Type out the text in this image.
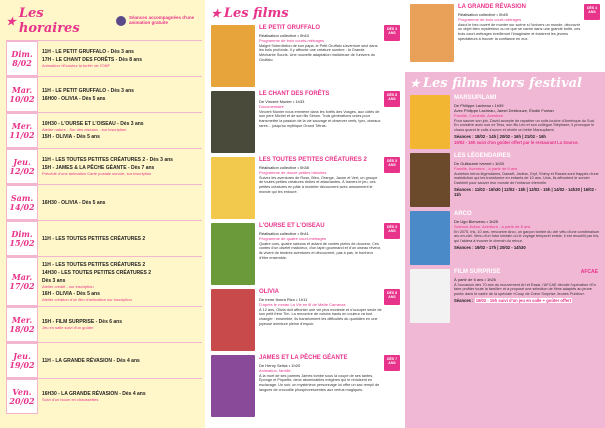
★ Les horaires
Séances accompagnées d'une animation gratuite
Dim.
8/02
11H - LE PETIT GRUFFALO - Dès 3 ans
17H - LE CHANT DES FORÊTS - Dès 8 ans
Animation «Ecoutez la forêt» de l'ONF
Mar.
10/02
11H - LE PETIT GRUFFALO - Dès 3 ans
16H00 - OLIVIA - Dès 5 ans
Mer.
11/02
10H30 - L'OURSE ET L'OISEAU - Dès 3 ans
Atelier nature - Sur des oiseaux - sur inscription
15H - OLIVIA - Dès 5 ans
Jeu.
12/02
11H - LES TOUTES PETITES CRÉATURES 2 - Dès 3 ans
15H - JAMES & LA PÊCHE GÉANTE - Dès 7 ans
Précédé d'une animation Carte postale sonore, sur inscription
Sam.
14/02	16H30 - OLIVIA - Dès 5 ans
Dim.
15/02	11H - LES TOUTES PETITES CRÉATURES 2
Mar.
17/02
11H - LES TOUTES PETITES CRÉATURES 2
14H30 - LES TOUTES PETITES CRÉATURES 2
Dès 3 ans
Atelier créatif - sur inscription
16H - OLIVIA - Dès 5 ans
Atelier création d'un film d'animation sur inscription
Mer.
18/02
15H - FILM SURPRISE - Dès 6 ans
Jeu en salle suivi d'un goûter
Jeu.
19/02	11H - LA GRANDE RÉVASION - Dès 4 ans
Ven.
20/02
16H30 - LA GRANDE RÉVASION - Dès 4 ans
Suivi d'un boum en chaussettes
★ Les films
LE PETIT GRUFFALO
Réalisation collective • 0h43
Programme de trois courts-métrages
Malgré l'interdiction de son papa, le Petit Gruffalo s'aventure seul dans les bois profonds. Il y affronte une créature sombre : la Grande Méchante Souris. Une nouvelle adaptation malicieuse de l'univers du Gruffalo.
DÈS 3 ANS
LE CHANT DES FORÊTS
De Vincent Munier • 1h33
Documentaire
Vincent Munier nous emmène dans les forêts des Vosges, aux côtés de son père Michel et de son fils Simon. Trois générations unies pour transmettre la passion de la vie sauvage et observer cerfs, lynx, oiseaux rares... jusqu'au mythique Grand Tétras.
DÈS 8 ANS
LES TOUTES PETITES CRÉATURES 2
Réalisation collective • 0h38
Programme de douze petites histoires
Suivez les aventures de Rose, Bleu, Orange, Jaune et Vert, un groupe de toutes petites créatures drôles et attachantes. À travers le jeu, ces petites créatures en pâte à modeler découvrent avec amusement le monde qui les entoure.
DÈS 3 ANS
L'OURSE ET L'OISEAU
Réalisation collective • 0h41
Programme de quatre court-métrages
Quatre ours, quatre saisons et autant de contes pleins de douceur. Ces contes d'un oiselet malicieux, d'un lapin gourmand et d'un oiseau rêveur, ils vivent de tendres aventures et découvrent, pas à pas, le bonheur d'être ensemble.
DÈS 3 ANS
OLIVIA
De Irene Iborra Rizo • 1h11
D'après le roman La Vie en fil de Maïte Carranza
À 12 ans, Olivia doit affronter une vie plus modeste et s'occuper seule de son petit frère Tim. La rencontre de voisins hauts en couleur va tout changer : ensemble, ils transforment les difficultés du quotidien en une joyeuse aventure pleine d'espoir.
DÈS 8 ANS
JAMES ET LA PÊCHE GÉANTE
De Henry Selick • 1h20
Animation, famille
À la mort de ses parents James tombe sous la coupe de ses tantes, Éponge et Piquette, deux abominables mégères qui le réduisent en esclavage. Un soir, un mystérieux personnage lui offre un sac rempli de langues de crocodile phosphorescentes aux vertus magiques.
DÈS 7 ANS
LA GRANDE RÉVASION
Réalisation collective • 0h45
Programme de trois court-métrages
Assoi le bec ouvert de monter sur scène si l'univers un monde, découvrir un objet bien mystérieux ou ce que se cache dans une grande boîte, ces trois court-métrages éveilleront l'imaginaire et éclairent les jeunes spectateurs à trouver la confiance en eux.
DÈS 4 ANS
★ Les films hors festival
MARSUPILAMI
De Philippe Lacheau • 1h39
Avec Philippe Lacheau, Jamel Debbouze, Élodie Fontan
Famille, Comédie, Aventure
Pour sauver son job, David accepte de rapatrier un colis louche d'Amérique du Sud. En croisière avec son ex Tess, son fils Léo et son collègue Stéphane, il provoque le chaos quand le colis s'ouvre et révèle un bébé Marsupilami.
Séances : 18/02 - 14h | 20/02 - 16h | 21/02 - 16h
19/02 - 15h suivi d'un goûter offert par le restaurant La Source.
LES LÉGENDAIRES
De Guillaume Ivernel • 1h33
Famille, Aventure - à partir de 6 ans
Autrefois héros légendaires, Danaël, Jadina, Gryf, Shimy et Razzia sont frappés d'une malédiction qui les transforme en enfants de 10 ans. Unis, ils affrontent le sorcier Darkhell pour sauver leur monde de l'enfance éternelle.
Séances : 11/02 - 16h30 | 12/02 - 15h | 13/02 - 15h | 14/02 - 14h30 | 16/02 - 11h
ARCO
De Ugo Bienvenu • 1h28
Science-fiction, Aventure - à partir de 8 ans
En 2075, Iris, 10 ans, rencontre Arco, un garçon tombé du ciel vêtu d'une combinaison arc-en-ciel. Venu d'un futur lointain où le voyage temporel existe, il est recueilli par Iris, qui l'aidera à trouver le chemin du retour.
Séances : 19/02 - 17h | 20/02 - 14h30
FILM SURPRISE
À partir de 6 ans • 1h26
À l'occasion des 70 ans du mouvement Art et Essai, l'AFCAE dévoile l'opération «En faire profiter toute la famille» et a proposé une sélection de films adaptés au jeune public dans le cadre de la spéciale «Coup de Cœur Surprise Jeunes Publics».
Séances : 18/02 - 15h suivi d'un jeu en salle + goûter offert
AFCAE
